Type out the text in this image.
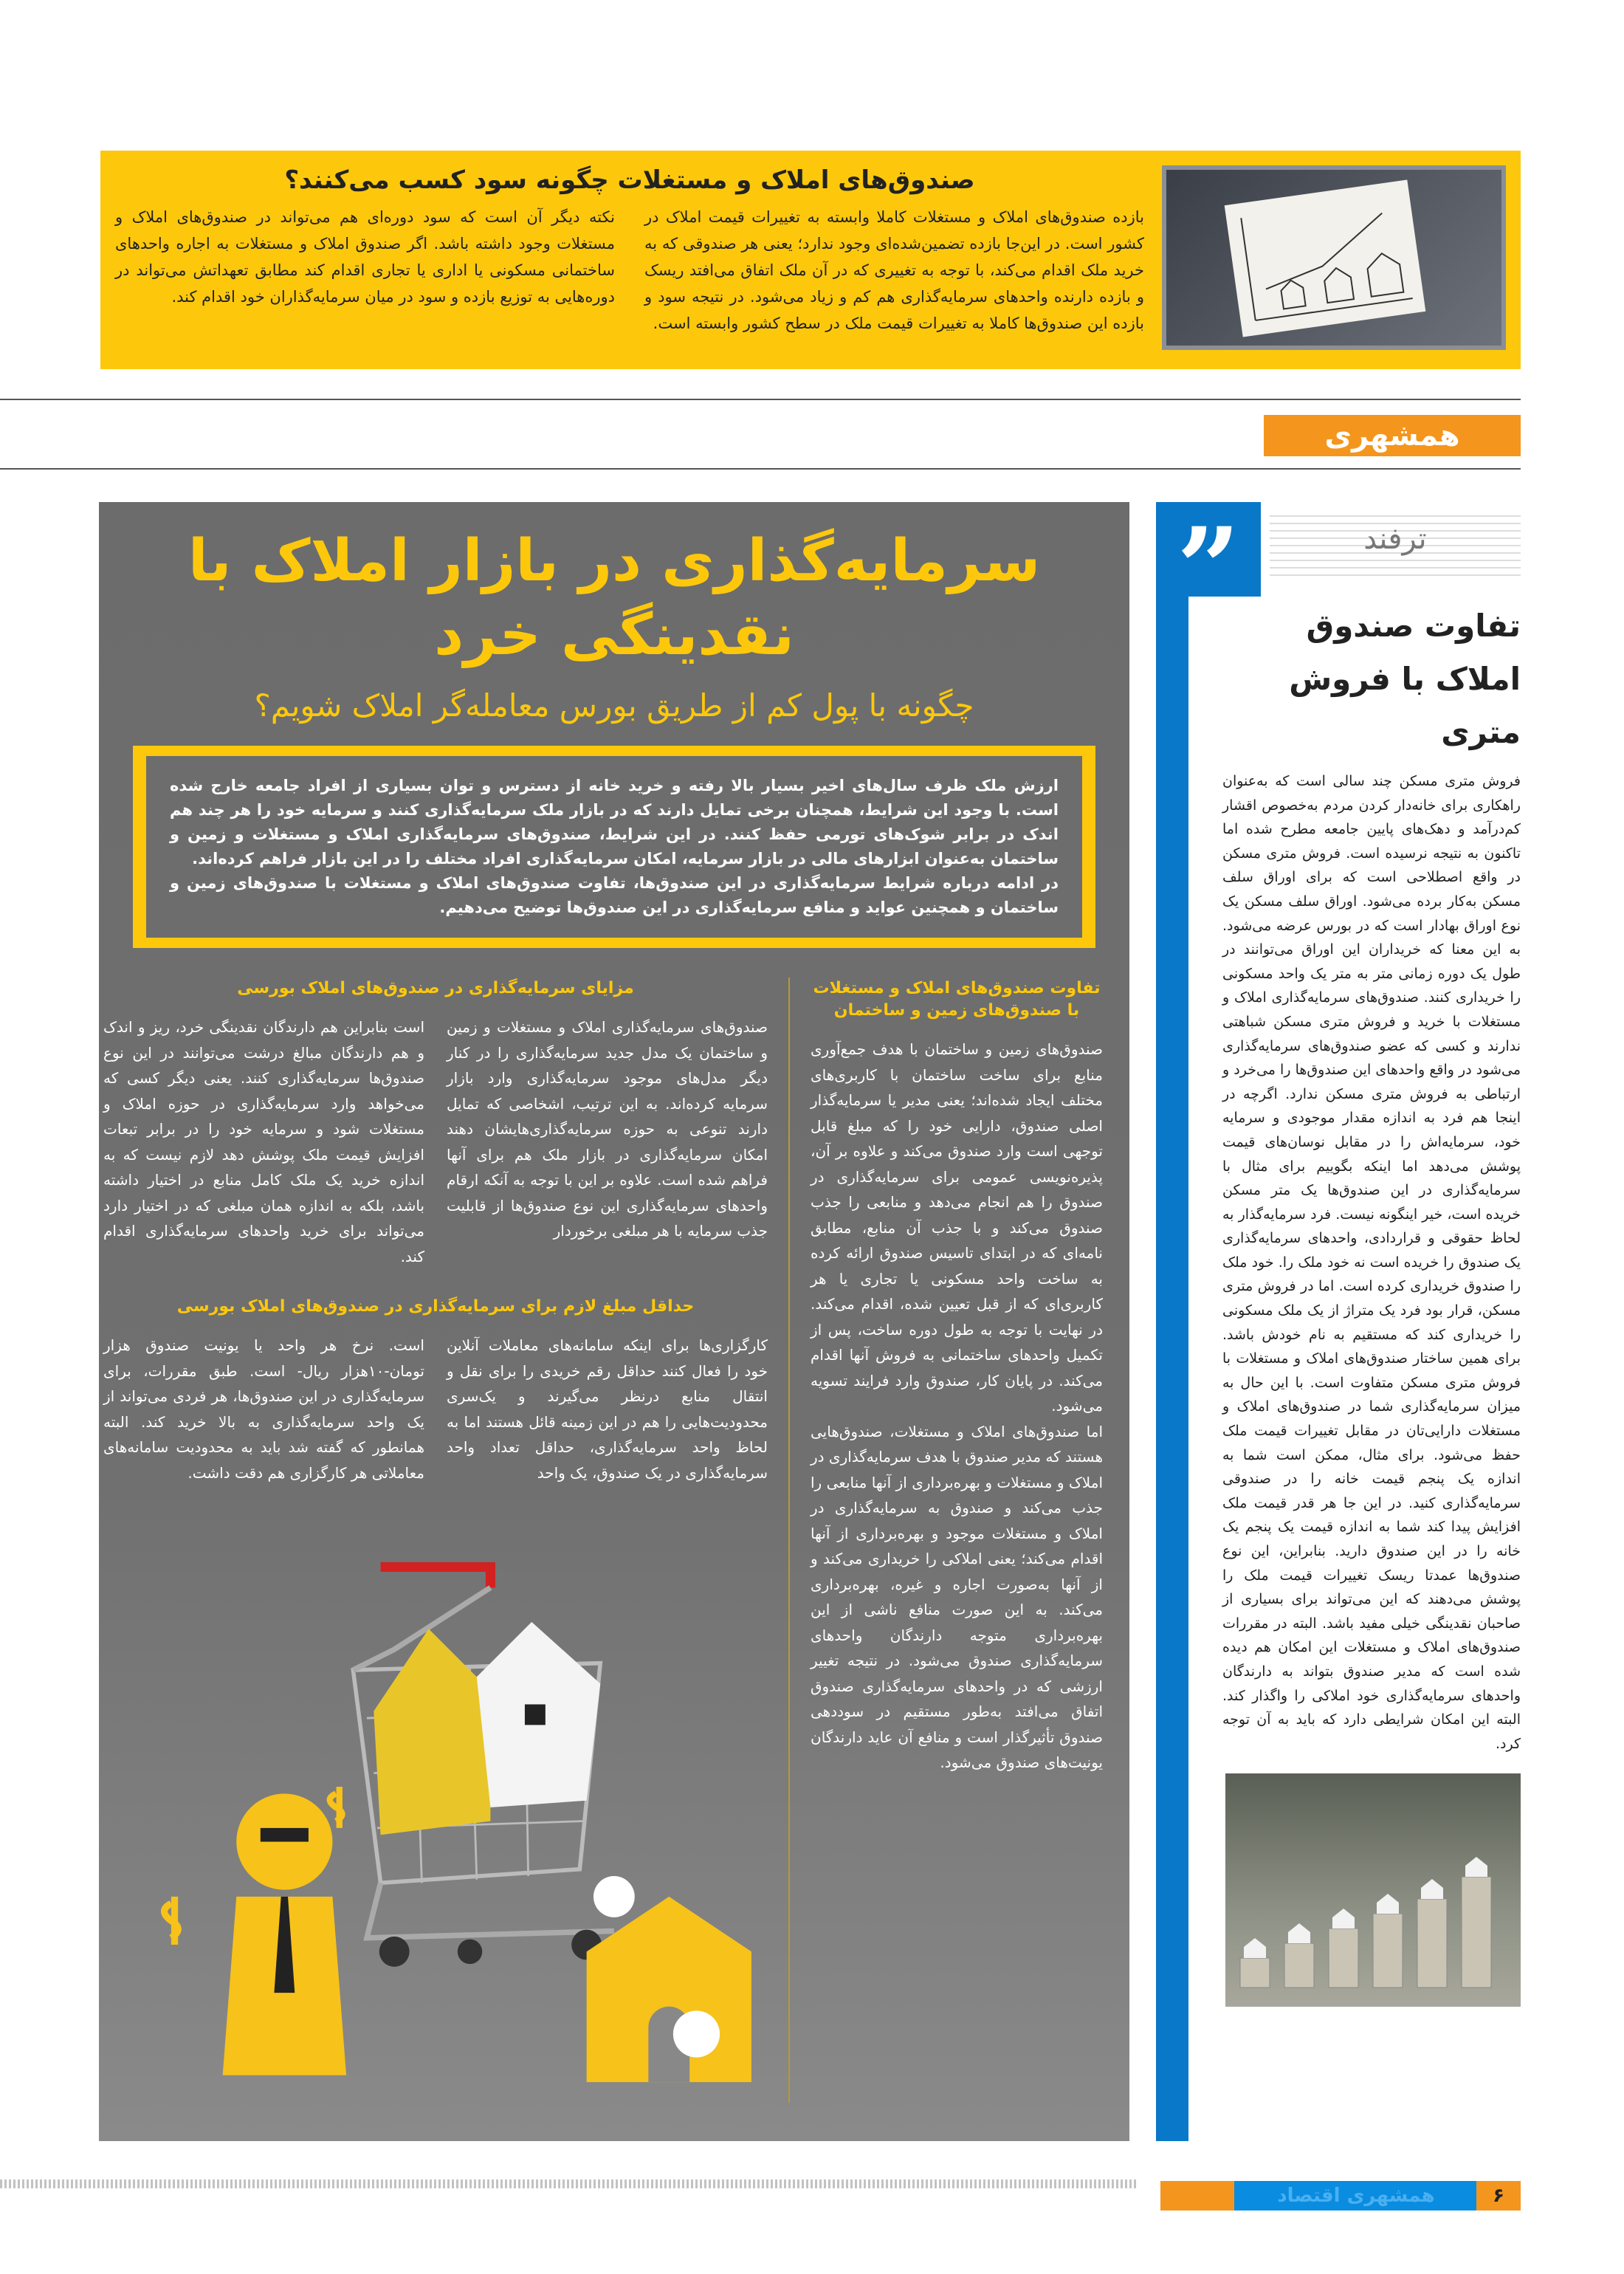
صندوق‌های املاک و مستغلات چگونه سود کسب می‌کنند؟

بازده صندوق‌های املاک و مستغلات کاملا وابسته به تغییرات قیمت املاک در کشور است. در این‌جا بازده تضمین‌شده‌ای وجود ندارد؛ یعنی هر صندوقی که به خرید ملک اقدام می‌کند، با توجه به تغییری که در آن ملک اتفاق می‌افتد ریسک و بازده دارنده واحدهای سرمایه‌گذاری هم کم و زیاد می‌شود. در نتیجه سود و بازده این صندوق‌ها کاملا به تغییرات قیمت ملک در سطح کشور وابسته است.

نکته دیگر آن است که سود دوره‌ای هم می‌تواند در صندوق‌های املاک و مستغلات وجود داشته باشد. اگر صندوق املاک و مستغلات به اجاره واحدهای ساختمانی مسکونی یا اداری یا تجاری اقدام کند مطابق تعهداتش می‌تواند در دوره‌هایی به توزیع بازده و سود در میان سرمایه‌گذاران خود اقدام کند.

همشهری
سرمایه‌گذاری در بازار املاک با نقدینگی خرد
چگونه با پول کم از طریق بورس معامله‌گر املاک شویم؟

ارزش ملک ظرف سال‌های اخیر بسیار بالا رفته و خرید خانه از دسترس و توان بسیاری از افراد جامعه خارج شده است. با وجود این شرایط، همچنان برخی تمایل دارند که در بازار ملک سرمایه‌گذاری کنند و سرمایه خود را هر چند هم اندک در برابر شوک‌های تورمی حفظ کنند. در این شرایط، صندوق‌های سرمایه‌گذاری املاک و مستغلات و زمین و ساختمان به‌عنوان ابزارهای مالی در بازار سرمایه، امکان سرمایه‌گذاری افراد مختلف را در این بازار فراهم کرده‌اند.

در ادامه درباره شرایط سرمایه‌گذاری در این صندوق‌ها، تفاوت صندوق‌های املاک و مستغلات با صندوق‌های زمین و ساختمان و همچنین عواید و منافع سرمایه‌گذاری در این صندوق‌ها توضیح می‌دهیم.

تفاوت صندوق‌های املاک و مستغلات با صندوق‌های زمین و ساختمان

صندوق‌های زمین و ساختمان با هدف جمع‌آوری منابع برای ساخت ساختمان با کاربری‌های مختلف ایجاد شده‌اند؛ یعنی مدیر یا سرمایه‌گذار اصلی صندوق، دارایی خود را که مبلغ قابل توجهی است وارد صندوق می‌کند و علاوه بر آن، پذیره‌نویسی عمومی برای سرمایه‌گذاری در صندوق را هم انجام می‌دهد و منابعی را جذب صندوق می‌کند و با جذب آن منابع، مطابق نامه‌ای که در ابتدای تاسیس صندوق ارائه کرده به ساخت واحد مسکونی یا تجاری یا هر کاربری‌ای که از قبل تعیین شده، اقدام می‌کند. در نهایت با توجه به طول دوره ساخت، پس از تکمیل واحدهای ساختمانی به فروش آنها اقدام می‌کند. در پایان کار، صندوق وارد فرایند تسویه می‌شود.

اما صندوق‌های املاک و مستغلات، صندوق‌هایی هستند که مدیر صندوق با هدف سرمایه‌گذاری در املاک و مستغلات و بهره‌برداری از آنها منابعی را جذب می‌کند و صندوق به سرمایه‌گذاری در املاک و مستغلات موجود و بهره‌برداری از آنها اقدام می‌کند؛ یعنی املاکی را خریداری می‌کند و از آنها به‌صورت اجاره و غیره، بهره‌برداری می‌کند. به این صورت منافع ناشی از این بهره‌برداری متوجه دارندگان واحدهای سرمایه‌گذاری صندوق می‌شود. در نتیجه تغییر ارزشی که در واحدهای سرمایه‌گذاری صندوق اتفاق می‌افتد به‌طور مستقیم در سوددهی صندوق تأثیرگذار است و منافع آن عاید دارندگان یونیت‌های صندوق می‌شود.

مزایای سرمایه‌گذاری در صندوق‌های املاک بورسی

صندوق‌های سرمایه‌گذاری املاک و مستغلات و زمین و ساختمان یک مدل جدید سرمایه‌گذاری را در کنار دیگر مدل‌های موجود سرمایه‌گذاری وارد بازار سرمایه کرده‌اند. به این ترتیب، اشخاصی که تمایل دارند تنوعی به حوزه سرمایه‌گذاری‌هایشان دهند امکان سرمایه‌گذاری در بازار ملک هم برای آنها فراهم شده است. علاوه بر این با توجه به آنکه ارقام واحدهای سرمایه‌گذاری این نوع صندوق‌ها از قابلیت جذب سرمایه با هر مبلغی برخوردار

است بنابراین هم دارندگان نقدینگی خرد، ریز و اندک و هم دارندگان مبالغ درشت می‌توانند در این نوع صندوق‌ها سرمایه‌گذاری کنند. یعنی دیگر کسی که می‌خواهد وارد سرمایه‌گذاری در حوزه املاک و مستغلات شود و سرمایه خود را در برابر تبعات افزایش قیمت ملک پوشش دهد لازم نیست که به اندازه خرید یک ملک کامل منابع در اختیار داشته باشد، بلکه به اندازه همان مبلغی که در اختیار دارد می‌تواند برای خرید واحدهای سرمایه‌گذاری اقدام کند.

حداقل مبلغ لازم برای سرمایه‌گذاری در صندوق‌های املاک بورسی

کارگزاری‌ها برای اینکه سامانه‌های معاملات آنلاین خود را فعال کنند حداقل رقم خریدی را برای نقل و انتقال منابع درنظر می‌گیرند و یک‌سری محدودیت‌هایی را هم در این زمینه قائل هستند اما به لحاظ واحد سرمایه‌گذاری، حداقل تعداد واحد سرمایه‌گذاری در یک صندوق، یک واحد

است. نرخ هر واحد یا یونیت صندوق هزار تومان-۱۰هزار ریال- است. طبق مقررات، برای سرمایه‌گذاری در این صندوق‌ها، هر فردی می‌تواند از یک واحد سرمایه‌گذاری به بالا خرید کند. البته همانطور که گفته شد باید به محدودیت سامانه‌های معاملاتی هر کارگزاری هم دقت داشت.

”	ترفند
تفاوت صندوق املاک با فروش متری

فروش متری مسکن چند سالی است که به‌عنوان راهکاری برای خانه‌دار کردن مردم به‌خصوص اقشار کم‌درآمد و دهک‌های پایین جامعه مطرح شده اما تاکنون به نتیجه نرسیده است. فروش متری مسکن در واقع اصطلاحی است که برای اوراق سلف مسکن به‌کار برده می‌شود. اوراق سلف مسکن یک نوع اوراق بهادار است که در بورس عرضه می‌شود. به این معنا که خریداران این اوراق می‌توانند در طول یک دوره زمانی متر به متر یک واحد مسکونی را خریداری کنند. صندوق‌های سرمایه‌گذاری املاک و مستغلات با خرید و فروش متری مسکن شباهتی ندارند و کسی که عضو صندوق‌های سرمایه‌گذاری می‌شود در واقع واحدهای این صندوق‌ها را می‌خرد و ارتباطی به فروش متری مسکن ندارد. اگرچه در اینجا هم فرد به اندازه مقدار موجودی و سرمایه خود، سرمایه‌اش را در مقابل نوسان‌های قیمت پوشش می‌دهد اما اینکه بگوییم برای مثال با سرمایه‌گذاری در این صندوق‌ها یک متر مسکن خریده است، خیر اینگونه نیست. فرد سرمایه‌گذار به لحاظ حقوقی و قراردادی، واحدهای سرمایه‌گذاری یک صندوق را خریده است نه خود ملک را. خود ملک را صندوق خریداری کرده است. اما در فروش متری مسکن، قرار بود فرد یک متراژ از یک ملک مسکونی را خریداری کند که مستقیم به نام خودش باشد. برای همین ساختار صندوق‌های املاک و مستغلات با فروش متری مسکن متفاوت است. با این حال به میزان سرمایه‌گذاری شما در صندوق‌های املاک و مستغلات دارایی‌تان در مقابل تغییرات قیمت ملک حفظ می‌شود. برای مثال، ممکن است شما به اندازه یک پنجم قیمت خانه را در صندوقی سرمایه‌گذاری کنید. در این جا هر قدر قیمت ملک افزایش پیدا کند شما به اندازه قیمت یک پنجم یک خانه را در این صندوق دارید. بنابراین، این نوع صندوق‌ها عمدتا ریسک تغییرات قیمت ملک را پوشش می‌دهند که این می‌تواند برای بسیاری از صاحبان نقدینگی خیلی مفید باشد. البته در مقررات صندوق‌های املاک و مستغلات این امکان هم دیده شده است که مدیر صندوق بتواند به دارندگان واحدهای سرمایه‌گذاری خود املاکی را واگذار کند. البته این امکان شرایطی دارد که باید به آن توجه کرد.

همشهری اقتصاد	۶
